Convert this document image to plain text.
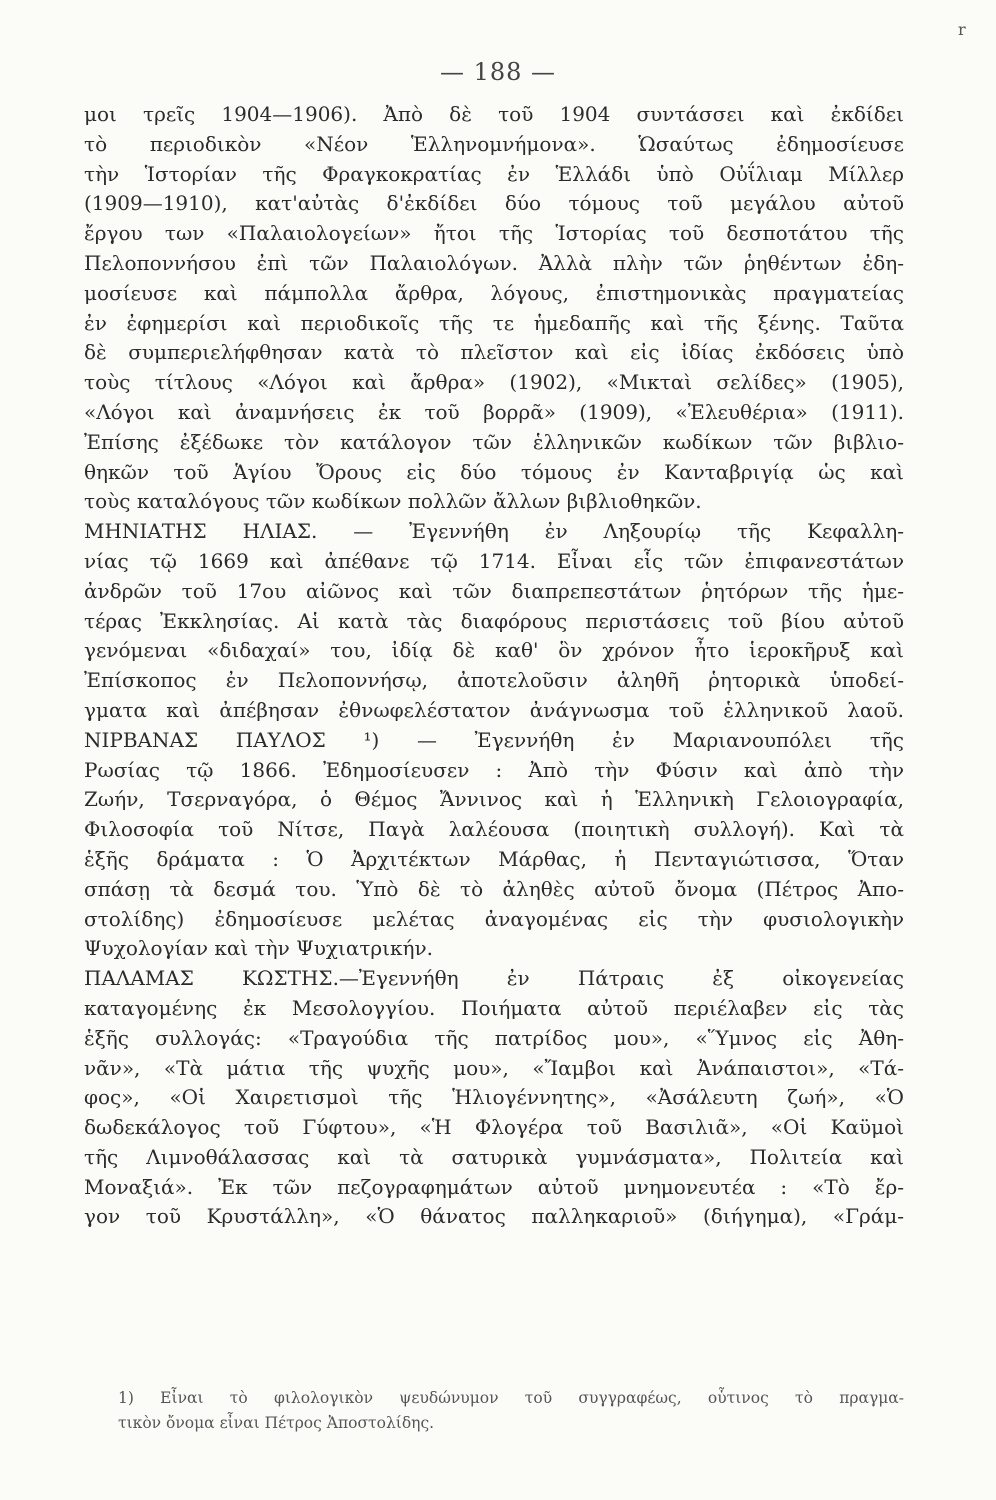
r
— 188 —
μοι τρεῖς 1904—1906). Ἀπὸ δὲ τοῦ 1904 συντάσσει καὶ ἐκδίδει
τὸ περιοδικὸν «Νέον Ἑλληνομνήμονα». Ὡσαύτως ἐδημοσίευσε
τὴν Ἱστορίαν τῆς Φραγκοκρατίας ἐν Ἑλλάδι ὑπὸ Οὐΐλιαμ Μίλλερ
(1909—1910), κατ'αὐτὰς δ'ἐκδίδει δύο τόμους τοῦ μεγάλου αὐτοῦ
ἔργου των «Παλαιολογείων» ἤτοι τῆς Ἱστορίας τοῦ δεσποτάτου τῆς
Πελοποννήσου ἐπὶ τῶν Παλαιολόγων. Ἀλλὰ πλὴν τῶν ῥηθέντων ἐδη-
μοσίευσε καὶ πάμπολλα ἄρθρα, λόγους, ἐπιστημονικὰς πραγματείας
ἐν ἐφημερίσι καὶ περιοδικοῖς τῆς τε ἡμεδαπῆς καὶ τῆς ξένης. Ταῦτα
δὲ συμπεριελήφθησαν κατὰ τὸ πλεῖστον καὶ εἰς ἰδίας ἐκδόσεις ὑπὸ
τοὺς τίτλους «Λόγοι καὶ ἄρθρα» (1902), «Μικταὶ σελίδες» (1905),
«Λόγοι καὶ ἀναμνήσεις ἐκ τοῦ βορρᾶ» (1909), «Ἐλευθέρια» (1911).
Ἐπίσης ἐξέδωκε τὸν κατάλογον τῶν ἑλληνικῶν κωδίκων τῶν βιβλιο-
θηκῶν τοῦ Ἁγίου Ὄρους εἰς δύο τόμους ἐν Κανταβριγίᾳ ὡς καὶ
τοὺς καταλόγους τῶν κωδίκων πολλῶν ἄλλων βιβλιοθηκῶν.
ΜΗΝΙΑΤΗΣ ΗΛΙΑΣ. — Ἐγεννήθη ἐν Ληξουρίῳ τῆς Κεφαλλη-
νίας τῷ 1669 καὶ ἀπέθανε τῷ 1714. Εἶναι εἷς τῶν ἐπιφανεστάτων
ἀνδρῶν τοῦ 17ου αἰῶνος καὶ τῶν διαπρεπεστάτων ῥητόρων τῆς ἡμε-
τέρας Ἐκκλησίας. Αἱ κατὰ τὰς διαφόρους περιστάσεις τοῦ βίου αὐτοῦ
γενόμεναι «διδαχαί» του, ἰδίᾳ δὲ καθ' ὃν χρόνον ἦτο ἱεροκῆρυξ καὶ
Ἐπίσκοπος ἐν Πελοποννήσῳ, ἀποτελοῦσιν ἀληθῆ ῥητορικὰ ὑποδεί-
γματα καὶ ἀπέβησαν ἐθνωφελέστατον ἀνάγνωσμα τοῦ ἑλληνικοῦ λαοῦ.
ΝΙΡΒΑΝΑΣ ΠΑΥΛΟΣ ¹) — Ἐγεννήθη ἐν Μαριανουπόλει τῆς
Ρωσίας τῷ 1866. Ἐδημοσίευσεν : Ἀπὸ τὴν Φύσιν καὶ ἀπὸ τὴν
Ζωήν, Τσερναγόρα, ὁ Θέμος Ἄννινος καὶ ἡ Ἑλληνικὴ Γελοιογραφία,
Φιλοσοφία τοῦ Νίτσε, Παγὰ λαλέουσα (ποιητικὴ συλλογή). Καὶ τὰ
ἑξῆς δράματα : Ὁ Ἀρχιτέκτων Μάρθας, ἡ Πενταγιώτισσα, Ὅταν
σπάσῃ τὰ δεσμά του. Ὑπὸ δὲ τὸ ἀληθὲς αὐτοῦ ὄνομα (Πέτρος Ἀπο-
στολίδης) ἐδημοσίευσε μελέτας ἀναγομένας εἰς τὴν φυσιολογικὴν
Ψυχολογίαν καὶ τὴν Ψυχιατρικήν.
ΠΑΛΑΜΑΣ ΚΩΣΤΗΣ.—Ἐγεννήθη ἐν Πάτραις ἐξ οἰκογενείας
καταγομένης ἐκ Μεσολογγίου. Ποιήματα αὐτοῦ περιέλαβεν εἰς τὰς
ἑξῆς συλλογάς: «Τραγούδια τῆς πατρίδος μου», «Ὕμνος εἰς Ἀθη-
νᾶν», «Τὰ μάτια τῆς ψυχῆς μου», «Ἴαμβοι καὶ Ἀνάπαιστοι», «Τά-
φος», «Οἱ Χαιρετισμοὶ τῆς Ἡλιογέννητης», «Ἀσάλευτη ζωή», «Ὁ
δωδεκάλογος τοῦ Γύφτου», «Ἡ Φλογέρα τοῦ Βασιλιᾶ», «Οἱ Καϋμοὶ
τῆς Λιμνοθάλασσας καὶ τὰ σατυρικὰ γυμνάσματα», Πολιτεία καὶ
Μοναξιά». Ἐκ τῶν πεζογραφημάτων αὐτοῦ μνημονευτέα : «Τὸ ἔρ-
γον τοῦ Κρυστάλλη», «Ὁ θάνατος παλληκαριοῦ» (διήγημα), «Γράμ-
1) Εἶναι τὸ φιλολογικὸν ψευδώνυμον τοῦ συγγραφέως, οὗτινος τὸ πραγμα-
τικὸν ὄνομα εἶναι Πέτρος Ἀποστολίδης.
